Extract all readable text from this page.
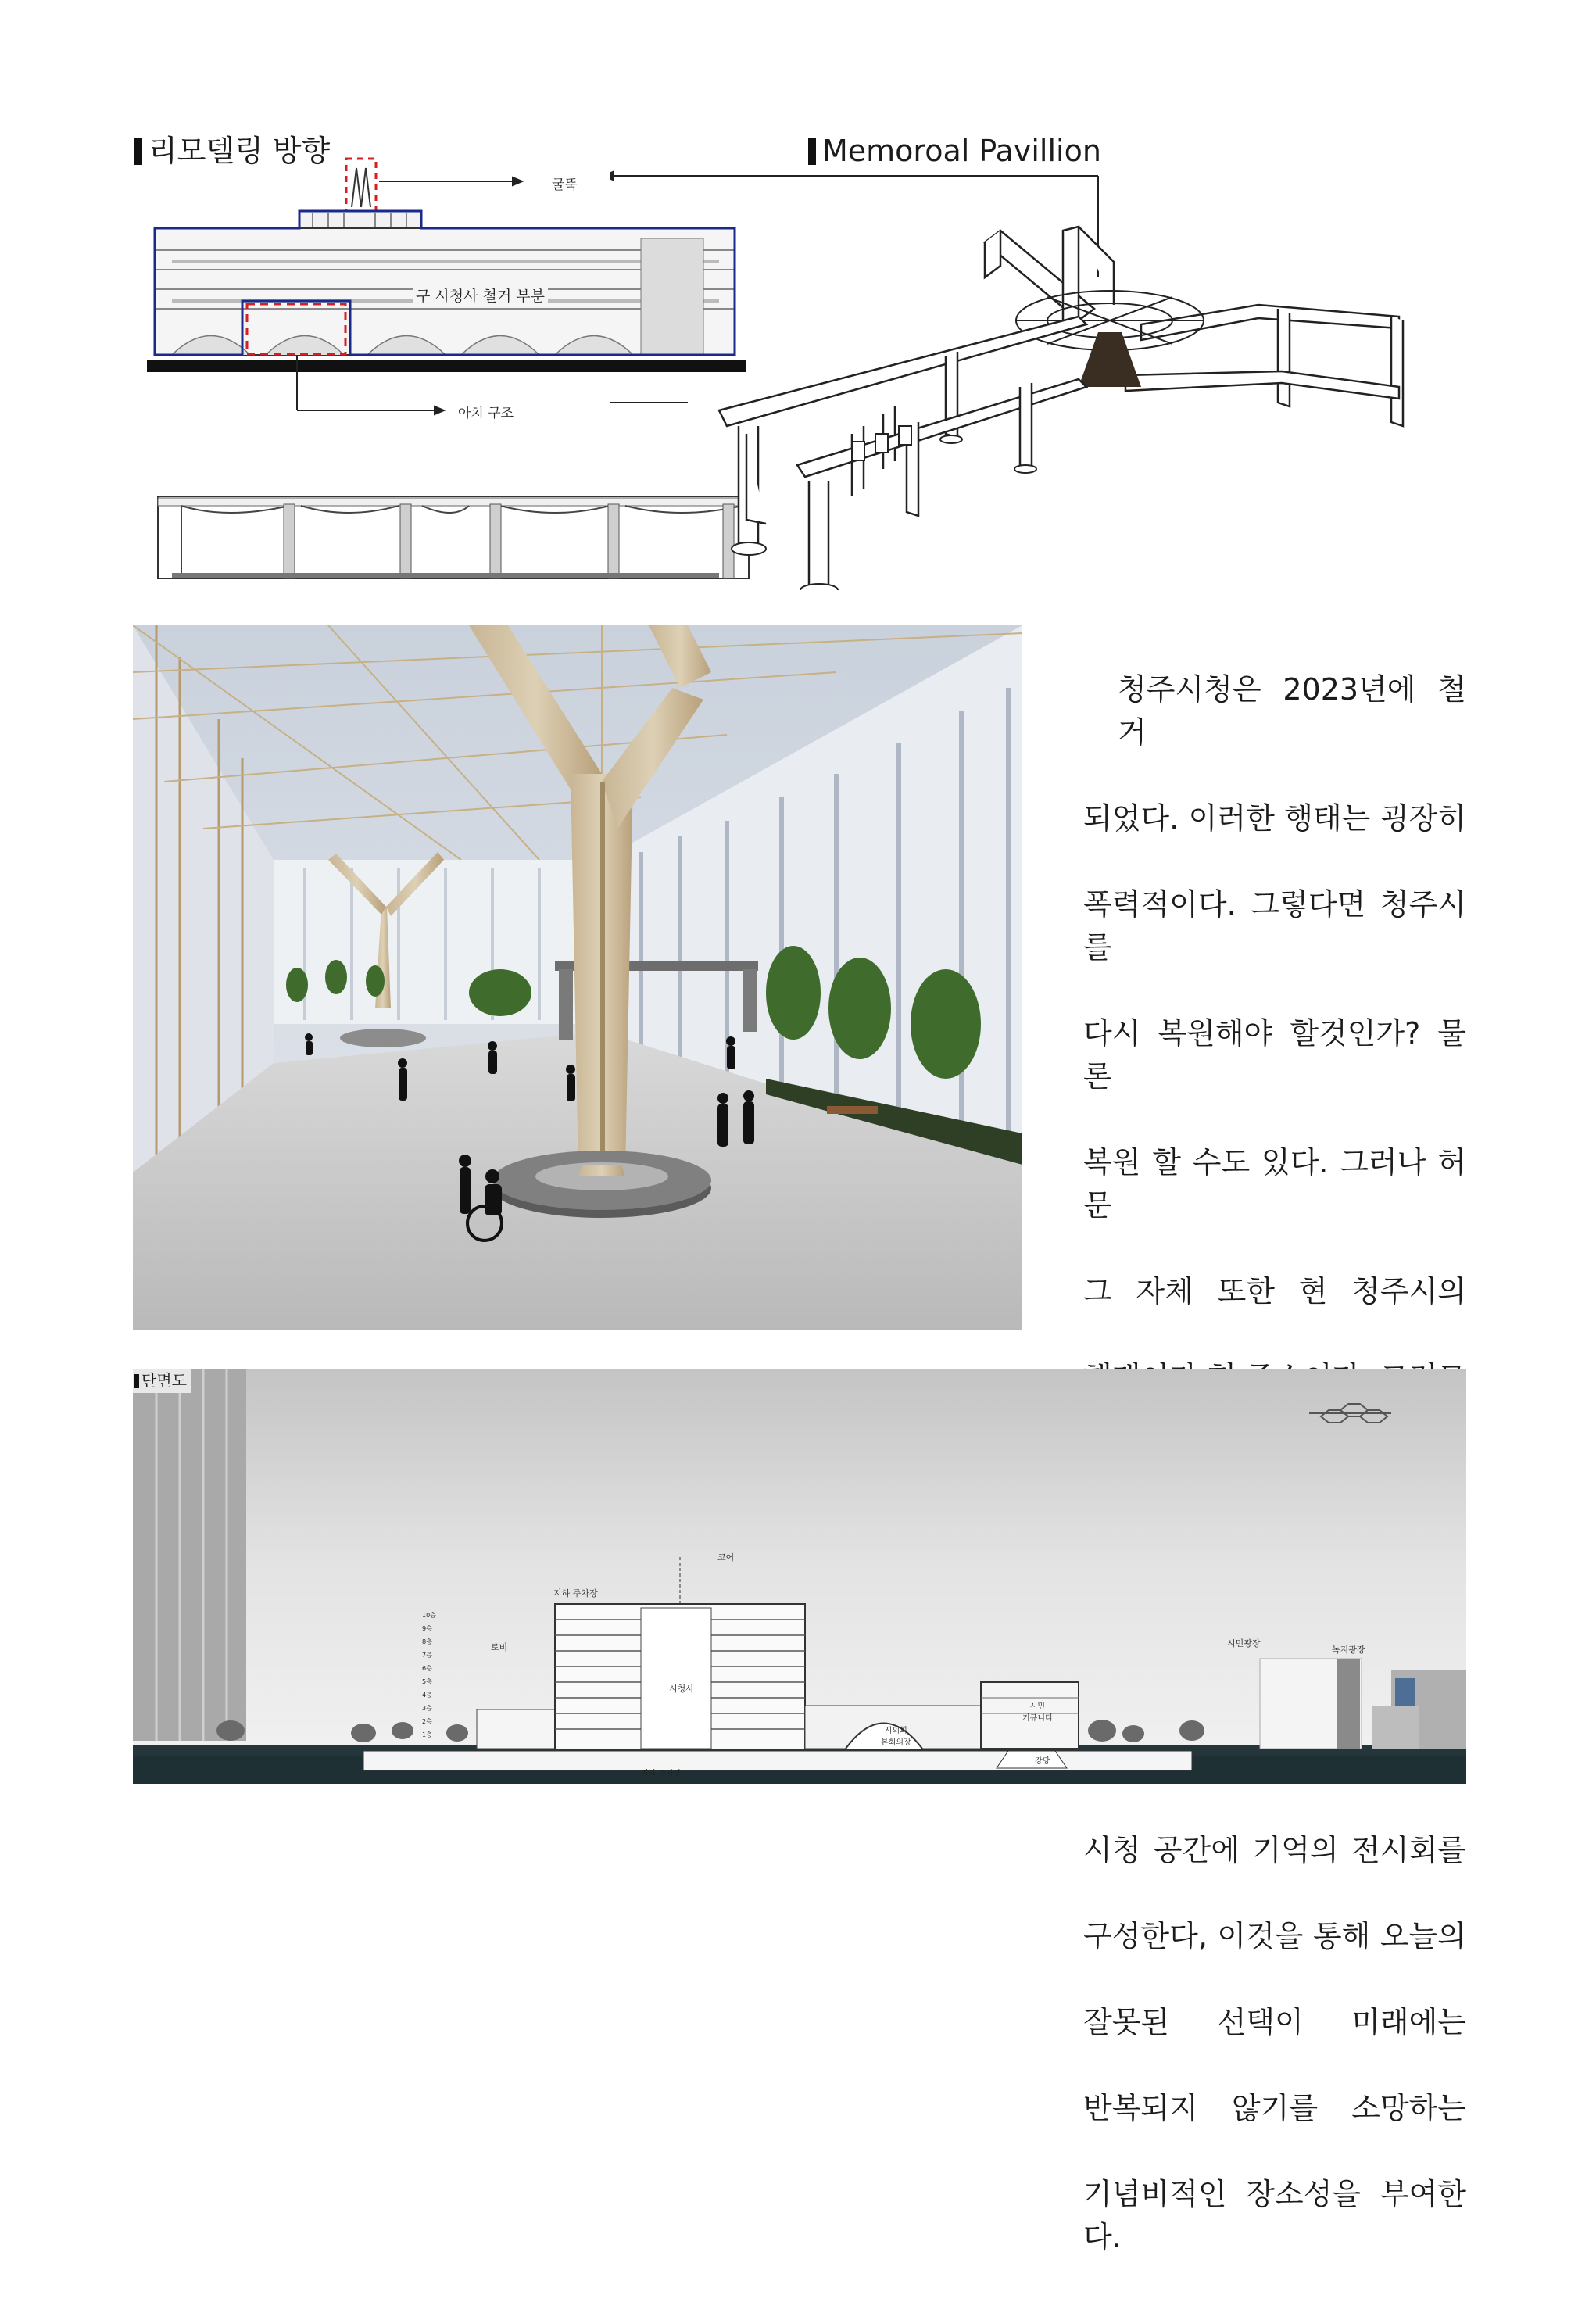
리모델링 방향
굴뚝
구 시청사 철거 부분
아치 구조
Memoroal Pavillion

청주시청은 2023년에 철거

되었다. 이러한 행태는 굉장히

폭력적이다. 그렇다면 청주시를

다시 복원해야 할것인가? 물론

복원 할 수도 있다. 그러나 허문

그 자체 또한 현 청주시의

시청 공간에 기억의 전시회를

구성한다, 이것을 통해 오늘의

잘못된 선택이 미래에는

반복되지 않기를 소망하는

기념비적인 장소성을 부여한다.

단면도
코어
지하 주차장
로비
시청사
시의회
본회의장
시민
커뮤니티
강당
시민광장
녹지광장
지하 주차장
10층
9층
8층
7층
6층
5층
4층
3층
2층
1층
